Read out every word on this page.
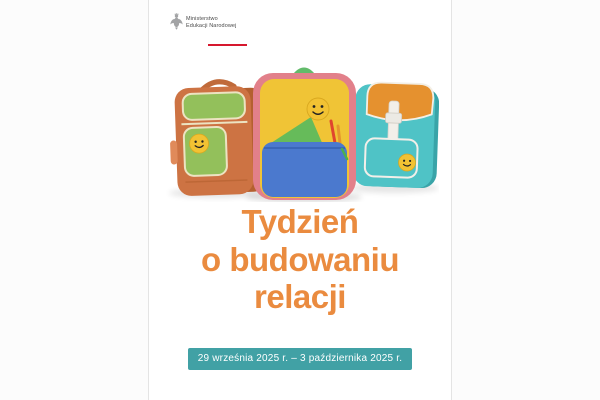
Ministerstwo
Edukacji Narodowej
Tydzień
o budowaniu
relacji
29 września 2025 r. – 3 października 2025 r.
